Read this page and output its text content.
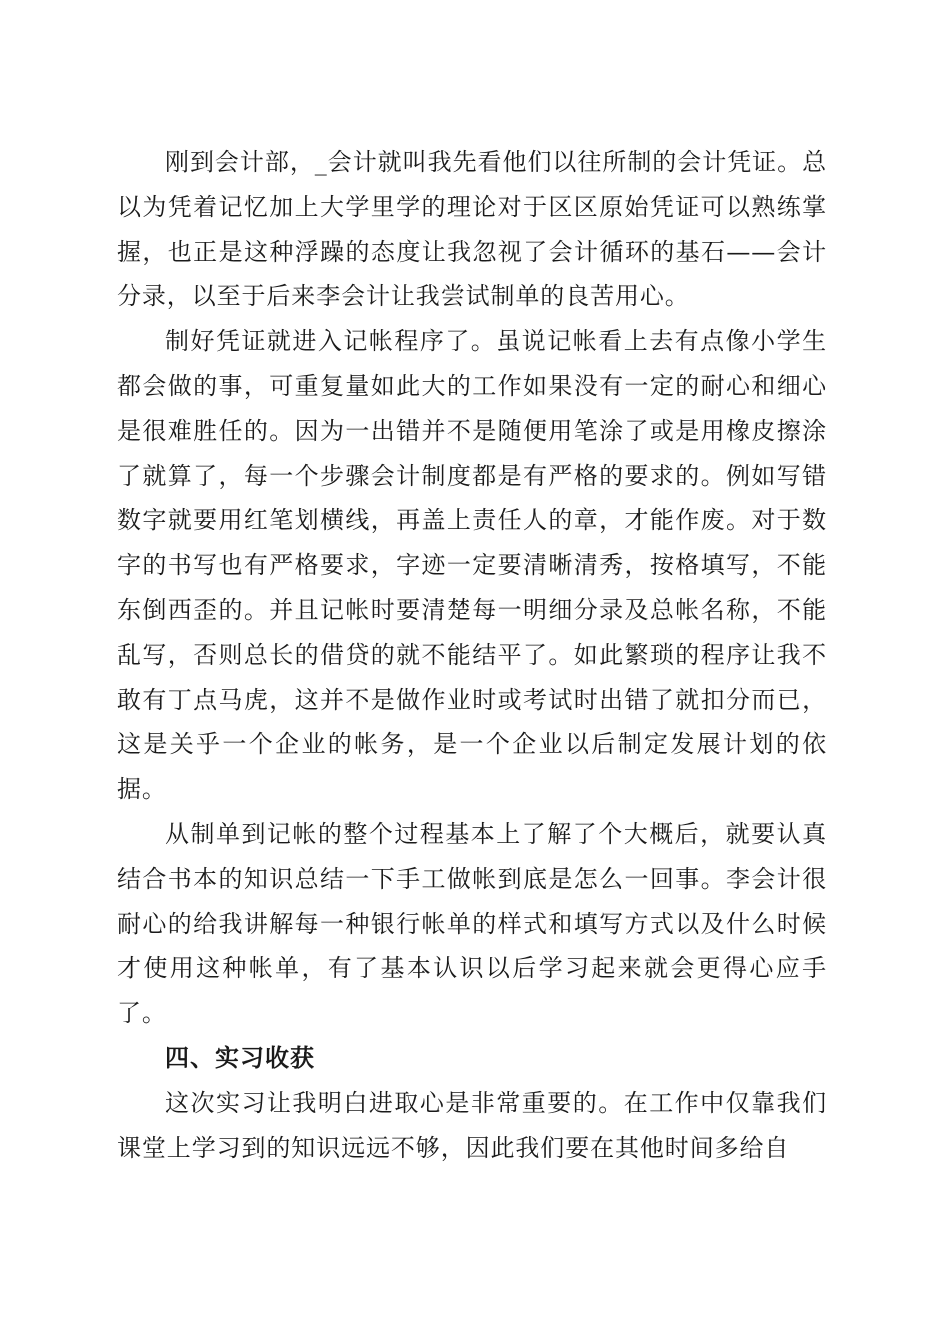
刚到会计部，_会计就叫我先看他们以往所制的会计凭证。总以为凭着记忆加上大学里学的理论对于区区原始凭证可以熟练掌握，也正是这种浮躁的态度让我忽视了会计循环的基石——会计分录，以至于后来李会计让我尝试制单的良苦用心。

制好凭证就进入记帐程序了。虽说记帐看上去有点像小学生都会做的事，可重复量如此大的工作如果没有一定的耐心和细心是很难胜任的。因为一出错并不是随便用笔涂了或是用橡皮擦涂了就算了，每一个步骤会计制度都是有严格的要求的。例如写错数字就要用红笔划横线，再盖上责任人的章，才能作废。对于数字的书写也有严格要求，字迹一定要清晰清秀，按格填写，不能东倒西歪的。并且记帐时要清楚每一明细分录及总帐名称，不能乱写，否则总长的借贷的就不能结平了。如此繁琐的程序让我不敢有丁点马虎，这并不是做作业时或考试时出错了就扣分而已，这是关乎一个企业的帐务，是一个企业以后制定发展计划的依据。

从制单到记帐的整个过程基本上了解了个大概后，就要认真结合书本的知识总结一下手工做帐到底是怎么一回事。李会计很耐心的给我讲解每一种银行帐单的样式和填写方式以及什么时候才使用这种帐单，有了基本认识以后学习起来就会更得心应手了。

四、实习收获

这次实习让我明白进取心是非常重要的。在工作中仅靠我们课堂上学习到的知识远远不够，因此我们要在其他时间多给自
